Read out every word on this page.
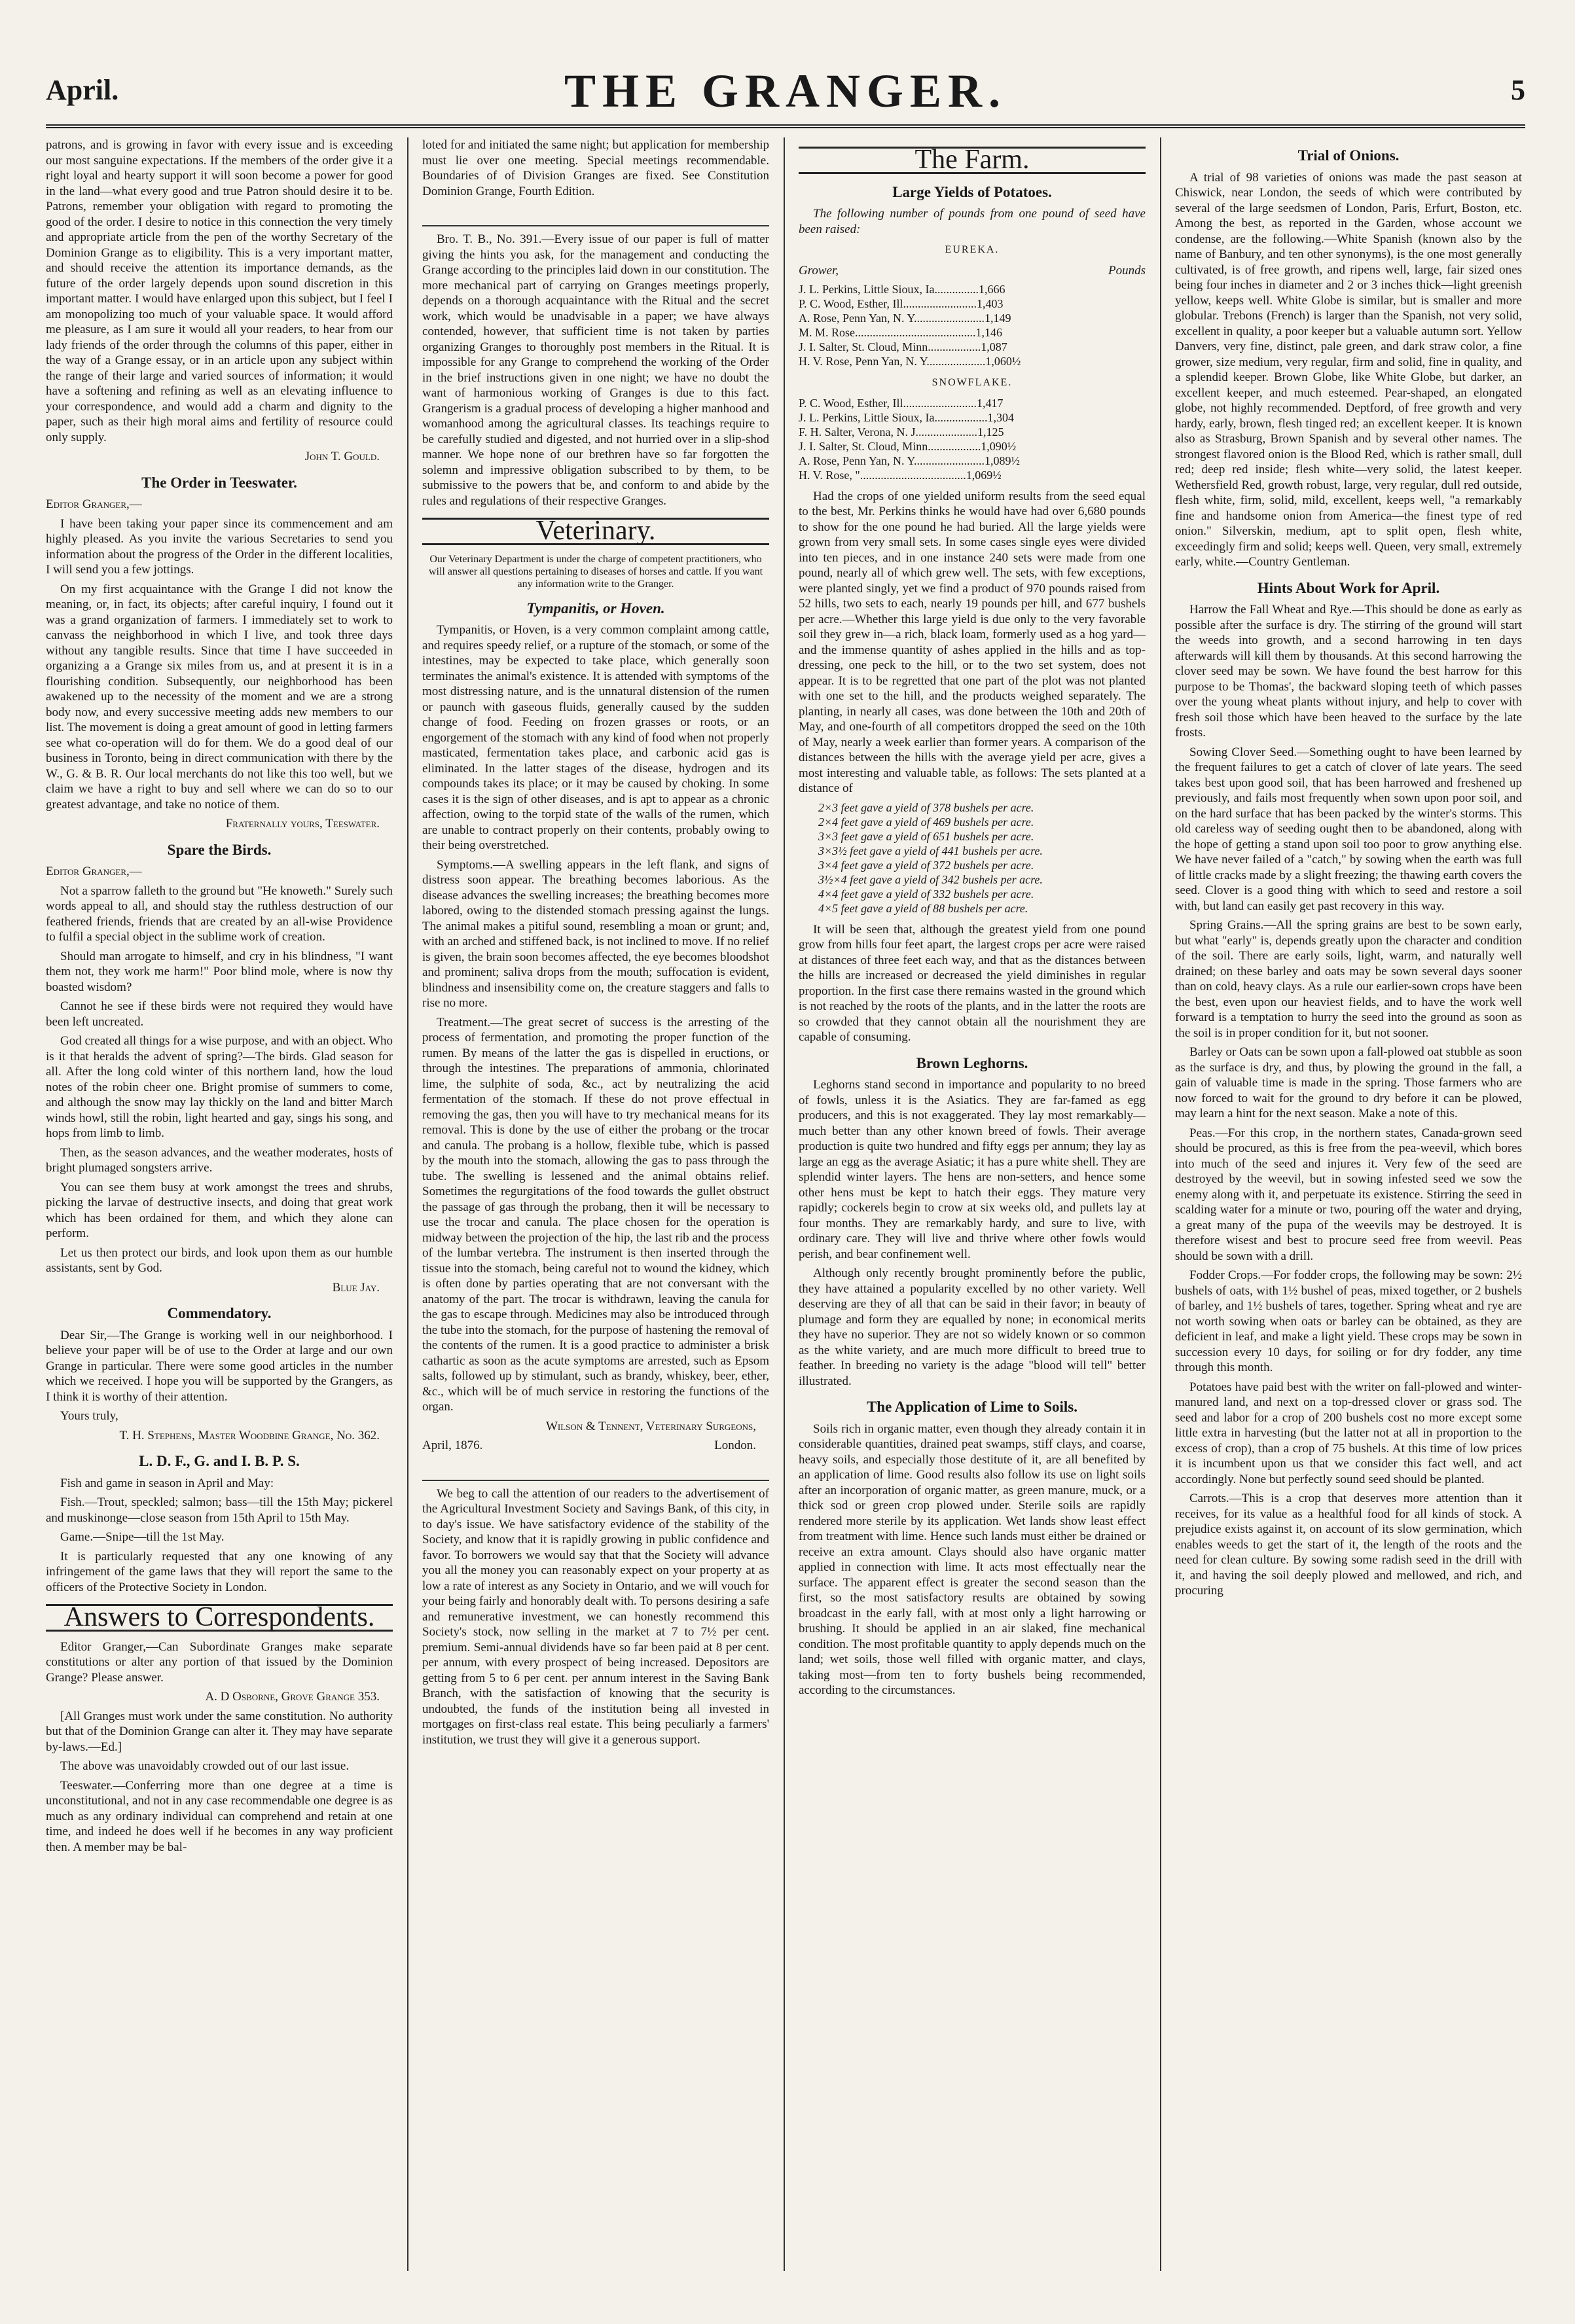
April.	THE GRANGER.	5

patrons, and is growing in favor with every issue and is exceeding our most sanguine expectations. If the members of the order give it a right loyal and hearty support it will soon become a power for good in the land—what every good and true Patron should desire it to be. Patrons, remember your obligation with regard to promoting the good of the order. I desire to notice in this connection the very timely and appropriate article from the pen of the worthy Secretary of the Dominion Grange as to eligibility. This is a very important matter, and should receive the attention its importance demands, as the future of the order largely depends upon sound discretion in this important matter. I would have enlarged upon this subject, but I feel I am monopolizing too much of your valuable space. It would afford me pleasure, as I am sure it would all your readers, to hear from our lady friends of the order through the columns of this paper, either in the way of a Grange essay, or in an article upon any subject within the range of their large and varied sources of information; it would have a softening and refining as well as an elevating influence to your correspondence, and would add a charm and dignity to the paper, such as their high moral aims and fertility of resource could only supply.

John T. Gould.

The Order in Teeswater.

Editor Granger,—

I have been taking your paper since its commencement and am highly pleased. As you invite the various Secretaries to send you information about the progress of the Order in the different localities, I will send you a few jottings.

On my first acquaintance with the Grange I did not know the meaning, or, in fact, its objects; after careful inquiry, I found out it was a grand organization of farmers. I immediately set to work to canvass the neighborhood in which I live, and took three days without any tangible results. Since that time I have succeeded in organizing a a Grange six miles from us, and at present it is in a flourishing condition. Subsequently, our neighborhood has been awakened up to the necessity of the moment and we are a strong body now, and every successive meeting adds new members to our list. The movement is doing a great amount of good in letting farmers see what co-operation will do for them. We do a good deal of our business in Toronto, being in direct communication with there by the W., G. & B. R. Our local merchants do not like this too well, but we claim we have a right to buy and sell where we can do so to our greatest advantage, and take no notice of them.

Fraternally yours, Teeswater.

Spare the Birds.

Editor Granger,—

Not a sparrow falleth to the ground but "He knoweth." Surely such words appeal to all, and should stay the ruthless destruction of our feathered friends, friends that are created by an all-wise Providence to fulfil a special object in the sublime work of creation.

Should man arrogate to himself, and cry in his blindness, "I want them not, they work me harm!" Poor blind mole, where is now thy boasted wisdom?

Cannot he see if these birds were not required they would have been left uncreated.

God created all things for a wise purpose, and with an object. Who is it that heralds the advent of spring?—The birds. Glad season for all. After the long cold winter of this northern land, how the loud notes of the robin cheer one. Bright promise of summers to come, and although the snow may lay thickly on the land and bitter March winds howl, still the robin, light hearted and gay, sings his song, and hops from limb to limb.

Then, as the season advances, and the weather moderates, hosts of bright plumaged songsters arrive.

You can see them busy at work amongst the trees and shrubs, picking the larvae of destructive insects, and doing that great work which has been ordained for them, and which they alone can perform.

Let us then protect our birds, and look upon them as our humble assistants, sent by God.

Blue Jay.

Commendatory.

Dear Sir,—The Grange is working well in our neighborhood. I believe your paper will be of use to the Order at large and our own Grange in particular. There were some good articles in the number which we received. I hope you will be supported by the Grangers, as I think it is worthy of their attention.

Yours truly,

T. H. Stephens, Master Woodbine Grange, No. 362.

L. D. F., G. and I. B. P. S.

Fish and game in season in April and May:

Fish.—Trout, speckled; salmon; bass—till the 15th May; pickerel and muskinonge—close season from 15th April to 15th May.

Game.—Snipe—till the 1st May.

It is particularly requested that any one knowing of any infringement of the game laws that they will report the same to the officers of the Protective Society in London.

Answers to Correspondents.

Editor Granger,—Can Subordinate Granges make separate constitutions or alter any portion of that issued by the Dominion Grange? Please answer.

A. D Osborne, Grove Grange 353.

[All Granges must work under the same constitution. No authority but that of the Dominion Grange can alter it. They may have separate by-laws.—Ed.]

The above was unavoidably crowded out of our last issue.

Teeswater.—Conferring more than one degree at a time is unconstitutional, and not in any case recommendable one degree is as much as any ordinary individual can comprehend and retain at one time, and indeed he does well if he becomes in any way proficient then. A member may be bal-

loted for and initiated the same night; but application for membership must lie over one meeting. Special meetings recommendable. Boundaries of of Division Granges are fixed. See Constitution Dominion Grange, Fourth Edition.

Bro. T. B., No. 391.—Every issue of our paper is full of matter giving the hints you ask, for the management and conducting the Grange according to the principles laid down in our constitution. The more mechanical part of carrying on Granges meetings properly, depends on a thorough acquaintance with the Ritual and the secret work, which would be unadvisable in a paper; we have always contended, however, that sufficient time is not taken by parties organizing Granges to thoroughly post members in the Ritual. It is impossible for any Grange to comprehend the working of the Order in the brief instructions given in one night; we have no doubt the want of harmonious working of Granges is due to this fact. Grangerism is a gradual process of developing a higher manhood and womanhood among the agricultural classes. Its teachings require to be carefully studied and digested, and not hurried over in a slip-shod manner. We hope none of our brethren have so far forgotten the solemn and impressive obligation subscribed to by them, to be submissive to the powers that be, and conform to and abide by the rules and regulations of their respective Granges.

Veterinary.

Our Veterinary Department is under the charge of competent practitioners, who will answer all questions pertaining to diseases of horses and cattle. If you want any information write to the Granger.

Tympanitis, or Hoven.

Tympanitis, or Hoven, is a very common complaint among cattle, and requires speedy relief, or a rupture of the stomach, or some of the intestines, may be expected to take place, which generally soon terminates the animal's existence. It is attended with symptoms of the most distressing nature, and is the unnatural distension of the rumen or paunch with gaseous fluids, generally caused by the sudden change of food. Feeding on frozen grasses or roots, or an engorgement of the stomach with any kind of food when not properly masticated, fermentation takes place, and carbonic acid gas is eliminated. In the latter stages of the disease, hydrogen and its compounds takes its place; or it may be caused by choking. In some cases it is the sign of other diseases, and is apt to appear as a chronic affection, owing to the torpid state of the walls of the rumen, which are unable to contract properly on their contents, probably owing to their being overstretched.

Symptoms.—A swelling appears in the left flank, and signs of distress soon appear. The breathing becomes laborious. As the disease advances the swelling increases; the breathing becomes more labored, owing to the distended stomach pressing against the lungs. The animal makes a pitiful sound, resembling a moan or grunt; and, with an arched and stiffened back, is not inclined to move. If no relief is given, the brain soon becomes affected, the eye becomes bloodshot and prominent; saliva drops from the mouth; suffocation is evident, blindness and insensibility come on, the creature staggers and falls to rise no more.

Treatment.—The great secret of success is the arresting of the process of fermentation, and promoting the proper function of the rumen. By means of the latter the gas is dispelled in eructions, or through the intestines. The preparations of ammonia, chlorinated lime, the sulphite of soda, &c., act by neutralizing the acid fermentation of the stomach. If these do not prove effectual in removing the gas, then you will have to try mechanical means for its removal. This is done by the use of either the probang or the trocar and canula. The probang is a hollow, flexible tube, which is passed by the mouth into the stomach, allowing the gas to pass through the tube. The swelling is lessened and the animal obtains relief. Sometimes the regurgitations of the food towards the gullet obstruct the passage of gas through the probang, then it will be necessary to use the trocar and canula. The place chosen for the operation is midway between the projection of the hip, the last rib and the process of the lumbar vertebra. The instrument is then inserted through the tissue into the stomach, being careful not to wound the kidney, which is often done by parties operating that are not conversant with the anatomy of the part. The trocar is withdrawn, leaving the canula for the gas to escape through. Medicines may also be introduced through the tube into the stomach, for the purpose of hastening the removal of the contents of the rumen. It is a good practice to administer a brisk cathartic as soon as the acute symptoms are arrested, such as Epsom salts, followed up by stimulant, such as brandy, whiskey, beer, ether, &c., which will be of much service in restoring the functions of the organ.

Wilson & Tennent, Veterinary Surgeons,

April, 1876.	London.

We beg to call the attention of our readers to the advertisement of the Agricultural Investment Society and Savings Bank, of this city, in to day's issue. We have satisfactory evidence of the stability of the Society, and know that it is rapidly growing in public confidence and favor. To borrowers we would say that that the Society will advance you all the money you can reasonably expect on your property at as low a rate of interest as any Society in Ontario, and we will vouch for your being fairly and honorably dealt with. To persons desiring a safe and remunerative investment, we can honestly recommend this Society's stock, now selling in the market at 7 to 7½ per cent. premium. Semi-annual dividends have so far been paid at 8 per cent. per annum, with every prospect of being increased. Depositors are getting from 5 to 6 per cent. per annum interest in the Saving Bank Branch, with the satisfaction of knowing that the security is undoubted, the funds of the institution being all invested in mortgages on first-class real estate. This being peculiarly a farmers' institution, we trust they will give it a generous support.

The Farm.
Large Yields of Potatoes.

The following number of pounds from one pound of seed have been raised:

EUREKA.

Grower,	Pounds

J. L. Perkins, Little Sioux, Ia...............1,666

P. C. Wood, Esther, Ill.........................1,403

A. Rose, Penn Yan, N. Y........................1,149

M. M. Rose.........................................1,146

J. I. Salter, St. Cloud, Minn..................1,087

H. V. Rose, Penn Yan, N. Y....................1,060½

SNOWFLAKE.

P. C. Wood, Esther, Ill.........................1,417

J. L. Perkins, Little Sioux, Ia..................1,304

F. H. Salter, Verona, N. J.....................1,125

J. I. Salter, St. Cloud, Minn..................1,090½

A. Rose, Penn Yan, N. Y........................1,089½

H. V. Rose, "....................................1,069½

Had the crops of one yielded uniform results from the seed equal to the best, Mr. Perkins thinks he would have had over 6,680 pounds to show for the one pound he had buried. All the large yields were grown from very small sets. In some cases single eyes were divided into ten pieces, and in one instance 240 sets were made from one pound, nearly all of which grew well. The sets, with few exceptions, were planted singly, yet we find a product of 970 pounds raised from 52 hills, two sets to each, nearly 19 pounds per hill, and 677 bushels per acre.—Whether this large yield is due only to the very favorable soil they grew in—a rich, black loam, formerly used as a hog yard—and the immense quantity of ashes applied in the hills and as top-dressing, one peck to the hill, or to the two set system, does not appear. It is to be regretted that one part of the plot was not planted with one set to the hill, and the products weighed separately. The planting, in nearly all cases, was done between the 10th and 20th of May, and one-fourth of all competitors dropped the seed on the 10th of May, nearly a week earlier than former years. A comparison of the distances between the hills with the average yield per acre, gives a most interesting and valuable table, as follows: The sets planted at a distance of

2×3 feet gave a yield of 378 bushels per acre.

2×4 feet gave a yield of 469 bushels per acre.

3×3 feet gave a yield of 651 bushels per acre.

3×3½ feet gave a yield of 441 bushels per acre.

3×4 feet gave a yield of 372 bushels per acre.

3½×4 feet gave a yield of 342 bushels per acre.

4×4 feet gave a yield of 332 bushels per acre.

4×5 feet gave a yield of 88 bushels per acre.

It will be seen that, although the greatest yield from one pound grow from hills four feet apart, the largest crops per acre were raised at distances of three feet each way, and that as the distances between the hills are increased or decreased the yield diminishes in regular proportion. In the first case there remains wasted in the ground which is not reached by the roots of the plants, and in the latter the roots are so crowded that they cannot obtain all the nourishment they are capable of consuming.

Brown Leghorns.

Leghorns stand second in importance and popularity to no breed of fowls, unless it is the Asiatics. They are far-famed as egg producers, and this is not exaggerated. They lay most remarkably—much better than any other known breed of fowls. Their average production is quite two hundred and fifty eggs per annum; they lay as large an egg as the average Asiatic; it has a pure white shell. They are splendid winter layers. The hens are non-setters, and hence some other hens must be kept to hatch their eggs. They mature very rapidly; cockerels begin to crow at six weeks old, and pullets lay at four months. They are remarkably hardy, and sure to live, with ordinary care. They will live and thrive where other fowls would perish, and bear confinement well.

Although only recently brought prominently before the public, they have attained a popularity excelled by no other variety. Well deserving are they of all that can be said in their favor; in beauty of plumage and form they are equalled by none; in economical merits they have no superior. They are not so widely known or so common as the white variety, and are much more difficult to breed true to feather. In breeding no variety is the adage "blood will tell" better illustrated.

The Application of Lime to Soils.

Soils rich in organic matter, even though they already contain it in considerable quantities, drained peat swamps, stiff clays, and coarse, heavy soils, and especially those destitute of it, are all benefited by an application of lime. Good results also follow its use on light soils after an incorporation of organic matter, as green manure, muck, or a thick sod or green crop plowed under. Sterile soils are rapidly rendered more sterile by its application. Wet lands show least effect from treatment with lime. Hence such lands must either be drained or receive an extra amount. Clays should also have organic matter applied in connection with lime. It acts most effectually near the surface. The apparent effect is greater the second season than the first, so the most satisfactory results are obtained by sowing broadcast in the early fall, with at most only a light harrowing or brushing. It should be applied in an air slaked, fine mechanical condition. The most profitable quantity to apply depends much on the land; wet soils, those well filled with organic matter, and clays, taking most—from ten to forty bushels being recommended, according to the circumstances.

Trial of Onions.

A trial of 98 varieties of onions was made the past season at Chiswick, near London, the seeds of which were contributed by several of the large seedsmen of London, Paris, Erfurt, Boston, etc. Among the best, as reported in the Garden, whose account we condense, are the following.—White Spanish (known also by the name of Banbury, and ten other synonyms), is the one most generally cultivated, is of free growth, and ripens well, large, fair sized ones being four inches in diameter and 2 or 3 inches thick—light greenish yellow, keeps well. White Globe is similar, but is smaller and more globular. Trebons (French) is larger than the Spanish, not very solid, excellent in quality, a poor keeper but a valuable autumn sort. Yellow Danvers, very fine, distinct, pale green, and dark straw color, a fine grower, size medium, very regular, firm and solid, fine in quality, and a splendid keeper. Brown Globe, like White Globe, but darker, an excellent keeper, and much esteemed. Pear-shaped, an elongated globe, not highly recommended. Deptford, of free growth and very hardy, early, brown, flesh tinged red; an excellent keeper. It is known also as Strasburg, Brown Spanish and by several other names. The strongest flavored onion is the Blood Red, which is rather small, dull red; deep red inside; flesh white—very solid, the latest keeper. Wethersfield Red, growth robust, large, very regular, dull red outside, flesh white, firm, solid, mild, excellent, keeps well, "a remarkably fine and handsome onion from America—the finest type of red onion." Silverskin, medium, apt to split open, flesh white, exceedingly firm and solid; keeps well. Queen, very small, extremely early, white.—Country Gentleman.

Hints About Work for April.

Harrow the Fall Wheat and Rye.—This should be done as early as possible after the surface is dry. The stirring of the ground will start the weeds into growth, and a second harrowing in ten days afterwards will kill them by thousands. At this second harrowing the clover seed may be sown. We have found the best harrow for this purpose to be Thomas', the backward sloping teeth of which passes over the young wheat plants without injury, and help to cover with fresh soil those which have been heaved to the surface by the late frosts.

Sowing Clover Seed.—Something ought to have been learned by the frequent failures to get a catch of clover of late years. The seed takes best upon good soil, that has been harrowed and freshened up previously, and fails most frequently when sown upon poor soil, and on the hard surface that has been packed by the winter's storms. This old careless way of seeding ought then to be abandoned, along with the hope of getting a stand upon soil too poor to grow anything else. We have never failed of a "catch," by sowing when the earth was full of little cracks made by a slight freezing; the thawing earth covers the seed. Clover is a good thing with which to seed and restore a soil with, but land can easily get past recovery in this way.

Spring Grains.—All the spring grains are best to be sown early, but what "early" is, depends greatly upon the character and condition of the soil. There are early soils, light, warm, and naturally well drained; on these barley and oats may be sown several days sooner than on cold, heavy clays. As a rule our earlier-sown crops have been the best, even upon our heaviest fields, and to have the work well forward is a temptation to hurry the seed into the ground as soon as the soil is in proper condition for it, but not sooner.

Barley or Oats can be sown upon a fall-plowed oat stubble as soon as the surface is dry, and thus, by plowing the ground in the fall, a gain of valuable time is made in the spring. Those farmers who are now forced to wait for the ground to dry before it can be plowed, may learn a hint for the next season. Make a note of this.

Peas.—For this crop, in the northern states, Canada-grown seed should be procured, as this is free from the pea-weevil, which bores into much of the seed and injures it. Very few of the seed are destroyed by the weevil, but in sowing infested seed we sow the enemy along with it, and perpetuate its existence. Stirring the seed in scalding water for a minute or two, pouring off the water and drying, a great many of the pupa of the weevils may be destroyed. It is therefore wisest and best to procure seed free from weevil. Peas should be sown with a drill.

Fodder Crops.—For fodder crops, the following may be sown: 2½ bushels of oats, with 1½ bushel of peas, mixed together, or 2 bushels of barley, and 1½ bushels of tares, together. Spring wheat and rye are not worth sowing when oats or barley can be obtained, as they are deficient in leaf, and make a light yield. These crops may be sown in succession every 10 days, for soiling or for dry fodder, any time through this month.

Potatoes have paid best with the writer on fall-plowed and winter-manured land, and next on a top-dressed clover or grass sod. The seed and labor for a crop of 200 bushels cost no more except some little extra in harvesting (but the latter not at all in proportion to the excess of crop), than a crop of 75 bushels. At this time of low prices it is incumbent upon us that we consider this fact well, and act accordingly. None but perfectly sound seed should be planted.

Carrots.—This is a crop that deserves more attention than it receives, for its value as a healthful food for all kinds of stock. A prejudice exists against it, on account of its slow germination, which enables weeds to get the start of it, the length of the roots and the need for clean culture. By sowing some radish seed in the drill with it, and having the soil deeply plowed and mellowed, and rich, and procuring
